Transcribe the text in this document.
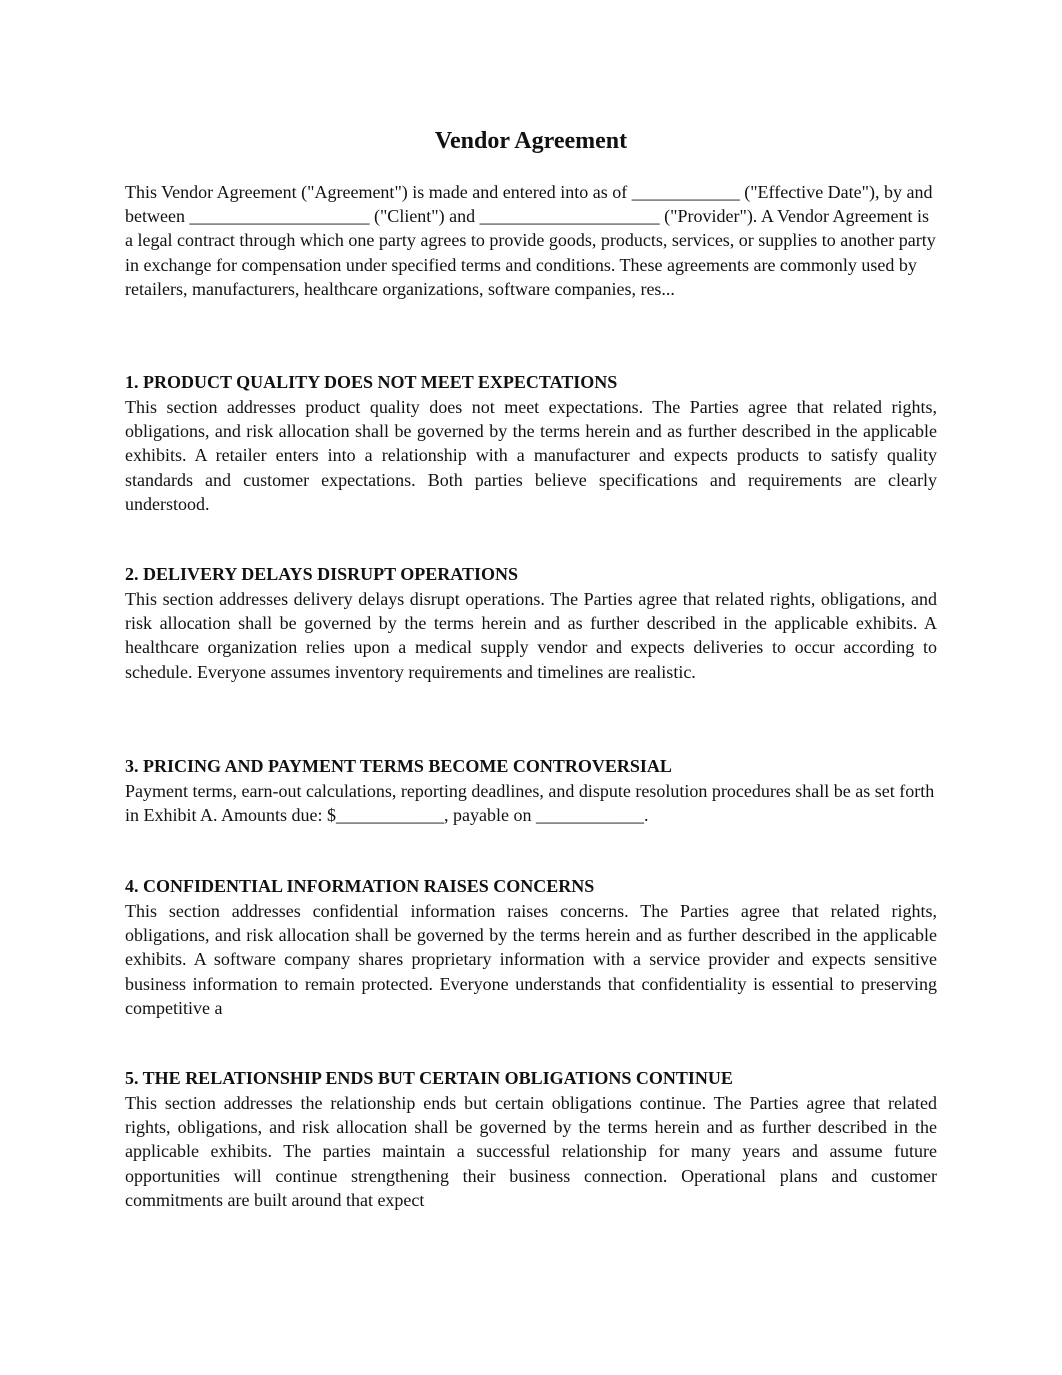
Vendor Agreement

This Vendor Agreement ("Agreement") is made and entered into as of ____________ ("Effective Date"), by and between ____________________ ("Client") and ____________________ ("Provider"). A Vendor Agreement is a legal contract through which one party agrees to provide goods, products, services, or supplies to another party in exchange for compensation under specified terms and conditions. These agreements are commonly used by retailers, manufacturers, healthcare organizations, software companies, res...

1. PRODUCT QUALITY DOES NOT MEET EXPECTATIONS

This section addresses product quality does not meet expectations. The Parties agree that related rights, obligations, and risk allocation shall be governed by the terms herein and as further described in the applicable exhibits. A retailer enters into a relationship with a manufacturer and expects products to satisfy quality standards and customer expectations. Both parties believe specifications and requirements are clearly understood.

2. DELIVERY DELAYS DISRUPT OPERATIONS

This section addresses delivery delays disrupt operations. The Parties agree that related rights, obligations, and risk allocation shall be governed by the terms herein and as further described in the applicable exhibits. A healthcare organization relies upon a medical supply vendor and expects deliveries to occur according to schedule. Everyone assumes inventory requirements and timelines are realistic.

3. PRICING AND PAYMENT TERMS BECOME CONTROVERSIAL

Payment terms, earn-out calculations, reporting deadlines, and dispute resolution procedures shall be as set forth in Exhibit A. Amounts due: $____________, payable on ____________.

4. CONFIDENTIAL INFORMATION RAISES CONCERNS

This section addresses confidential information raises concerns. The Parties agree that related rights, obligations, and risk allocation shall be governed by the terms herein and as further described in the applicable exhibits. A software company shares proprietary information with a service provider and expects sensitive business information to remain protected. Everyone understands that confidentiality is essential to preserving competitive a

5. THE RELATIONSHIP ENDS BUT CERTAIN OBLIGATIONS CONTINUE

This section addresses the relationship ends but certain obligations continue. The Parties agree that related rights, obligations, and risk allocation shall be governed by the terms herein and as further described in the applicable exhibits. The parties maintain a successful relationship for many years and assume future opportunities will continue strengthening their business connection. Operational plans and customer commitments are built around that expect
